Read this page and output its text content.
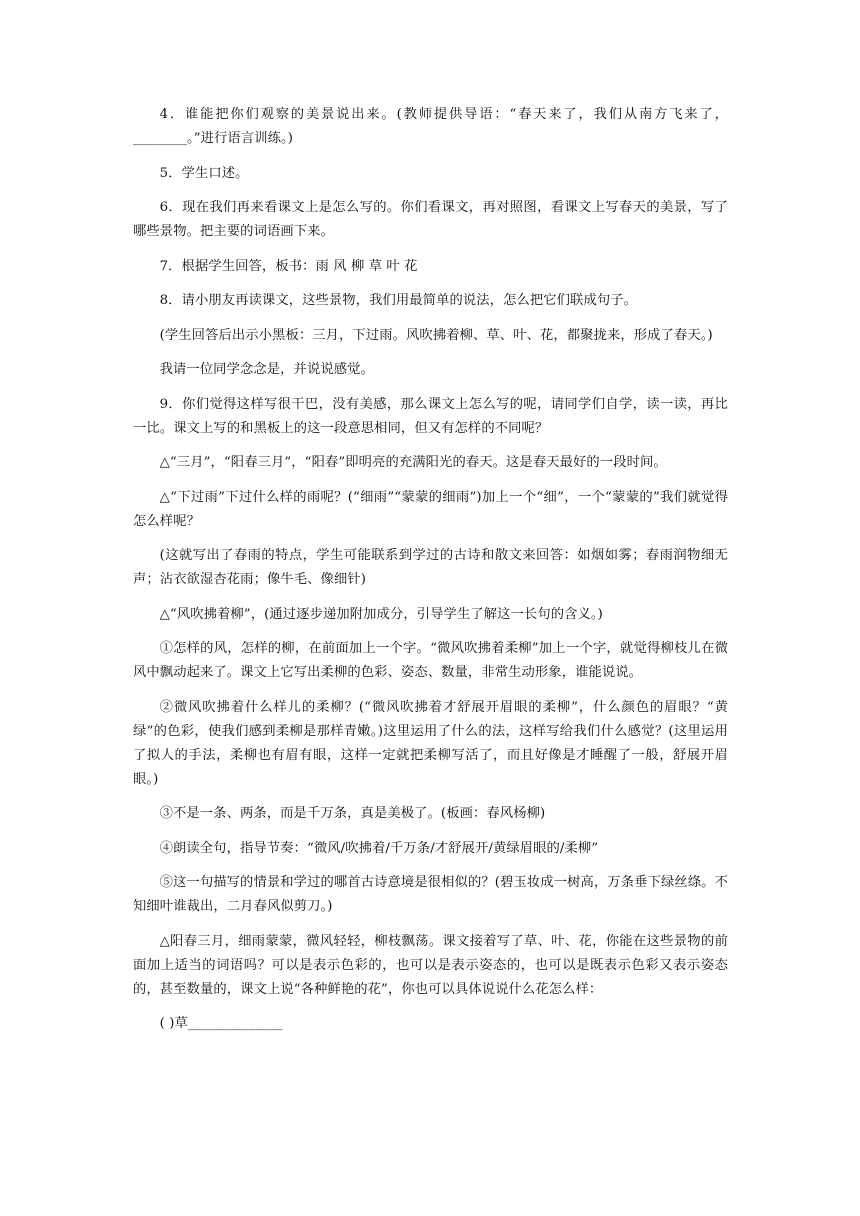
4．谁能把你们观察的美景说出来。(教师提供导语：“春天来了，我们从南方飞来了，________。”进行语言训练。)

5．学生口述。

6．现在我们再来看课文上是怎么写的。你们看课文，再对照图，看课文上写春天的美景，写了哪些景物。把主要的词语画下来。

7．根据学生回答，板书：雨 风 柳 草 叶 花

8．请小朋友再读课文，这些景物，我们用最简单的说法，怎么把它们联成句子。

(学生回答后出示小黑板：三月，下过雨。风吹拂着柳、草、叶、花，都聚拢来，形成了春天。)

我请一位同学念念是，并说说感觉。

9．你们觉得这样写很干巴，没有美感，那么课文上怎么写的呢，请同学们自学，读一读，再比一比。课文上写的和黑板上的这一段意思相同，但又有怎样的不同呢？

△“三月”，“阳春三月”，“阳春”即明亮的充满阳光的春天。这是春天最好的一段时间。

△“下过雨”下过什么样的雨呢？(“细雨”“蒙蒙的细雨”)加上一个“细”，一个“蒙蒙的”我们就觉得怎么样呢？

(这就写出了春雨的特点，学生可能联系到学过的古诗和散文来回答：如烟如雾；春雨润物细无声；沾衣欲湿杏花雨；像牛毛、像细针)

△“风吹拂着柳”，(通过逐步递加附加成分，引导学生了解这一长句的含义。)

①怎样的风，怎样的柳，在前面加上一个字。“微风吹拂着柔柳”加上一个字，就觉得柳枝儿在微风中飘动起来了。课文上它写出柔柳的色彩、姿态、数量，非常生动形象，谁能说说。

②微风吹拂着什么样儿的柔柳？(“微风吹拂着才舒展开眉眼的柔柳”，什么颜色的眉眼？“黄绿”的色彩，使我们感到柔柳是那样青嫩。)这里运用了什么的法，这样写给我们什么感觉？(这里运用了拟人的手法，柔柳也有眉有眼，这样一定就把柔柳写活了，而且好像是才睡醒了一般，舒展开眉眼。)

③不是一条、两条，而是千万条，真是美极了。(板画：春风杨柳)

④朗读全句，指导节奏：“微风/吹拂着/千万条/才舒展开/黄绿眉眼的/柔柳”

⑤这一句描写的情景和学过的哪首古诗意境是很相似的？(碧玉妆成一树高，万条垂下绿丝绦。不知细叶谁裁出，二月春风似剪刀。)

△阳春三月，细雨蒙蒙，微风轻轻，柳枝飘荡。课文接着写了草、叶、花，你能在这些景物的前面加上适当的词语吗？可以是表示色彩的，也可以是表示姿态的，也可以是既表示色彩又表示姿态的，甚至数量的，课文上说“各种鲜艳的花”，你也可以具体说说什么花怎么样：

( )草______________
